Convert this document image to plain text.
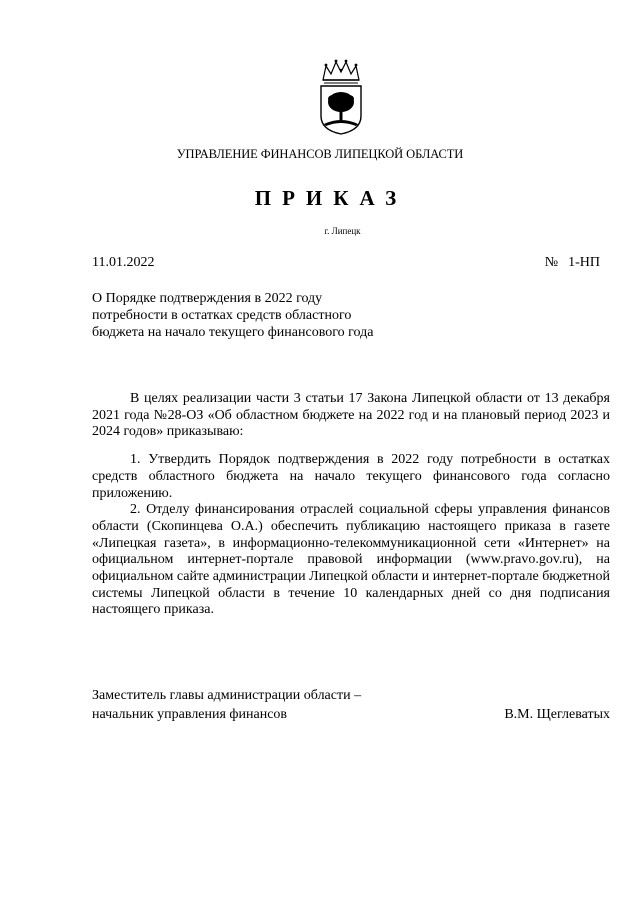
УПРАВЛЕНИЕ ФИНАНСОВ ЛИПЕЦКОЙ ОБЛАСТИ
ПРИКАЗ
г. Липецк
11.01.2022	№ 1-НП
О Порядке подтверждения в 2022 году потребности в остатках средств областного бюджета на начало текущего финансового года

В целях реализации части 3 статьи 17 Закона Липецкой области от 13 декабря 2021 года №28-ОЗ «Об областном бюджете на 2022 год и на плановый период 2023 и 2024 годов» приказываю:

1. Утвердить Порядок подтверждения в 2022 году потребности в остатках средств областного бюджета на начало текущего финансового года согласно приложению.

2. Отделу финансирования отраслей социальной сферы управления финансов области (Скопинцева О.А.) обеспечить публикацию настоящего приказа в газете «Липецкая газета», в информационно-телекоммуникационной сети «Интернет» на официальном интернет-портале правовой информации (www.pravo.gov.ru), на официальном сайте администрации Липецкой области и интернет-портале бюджетной системы Липецкой области в течение 10 календарных дней со дня подписания настоящего приказа.

Заместитель главы администрации области –
начальник управления финансов	В.М. Щеглеватых
